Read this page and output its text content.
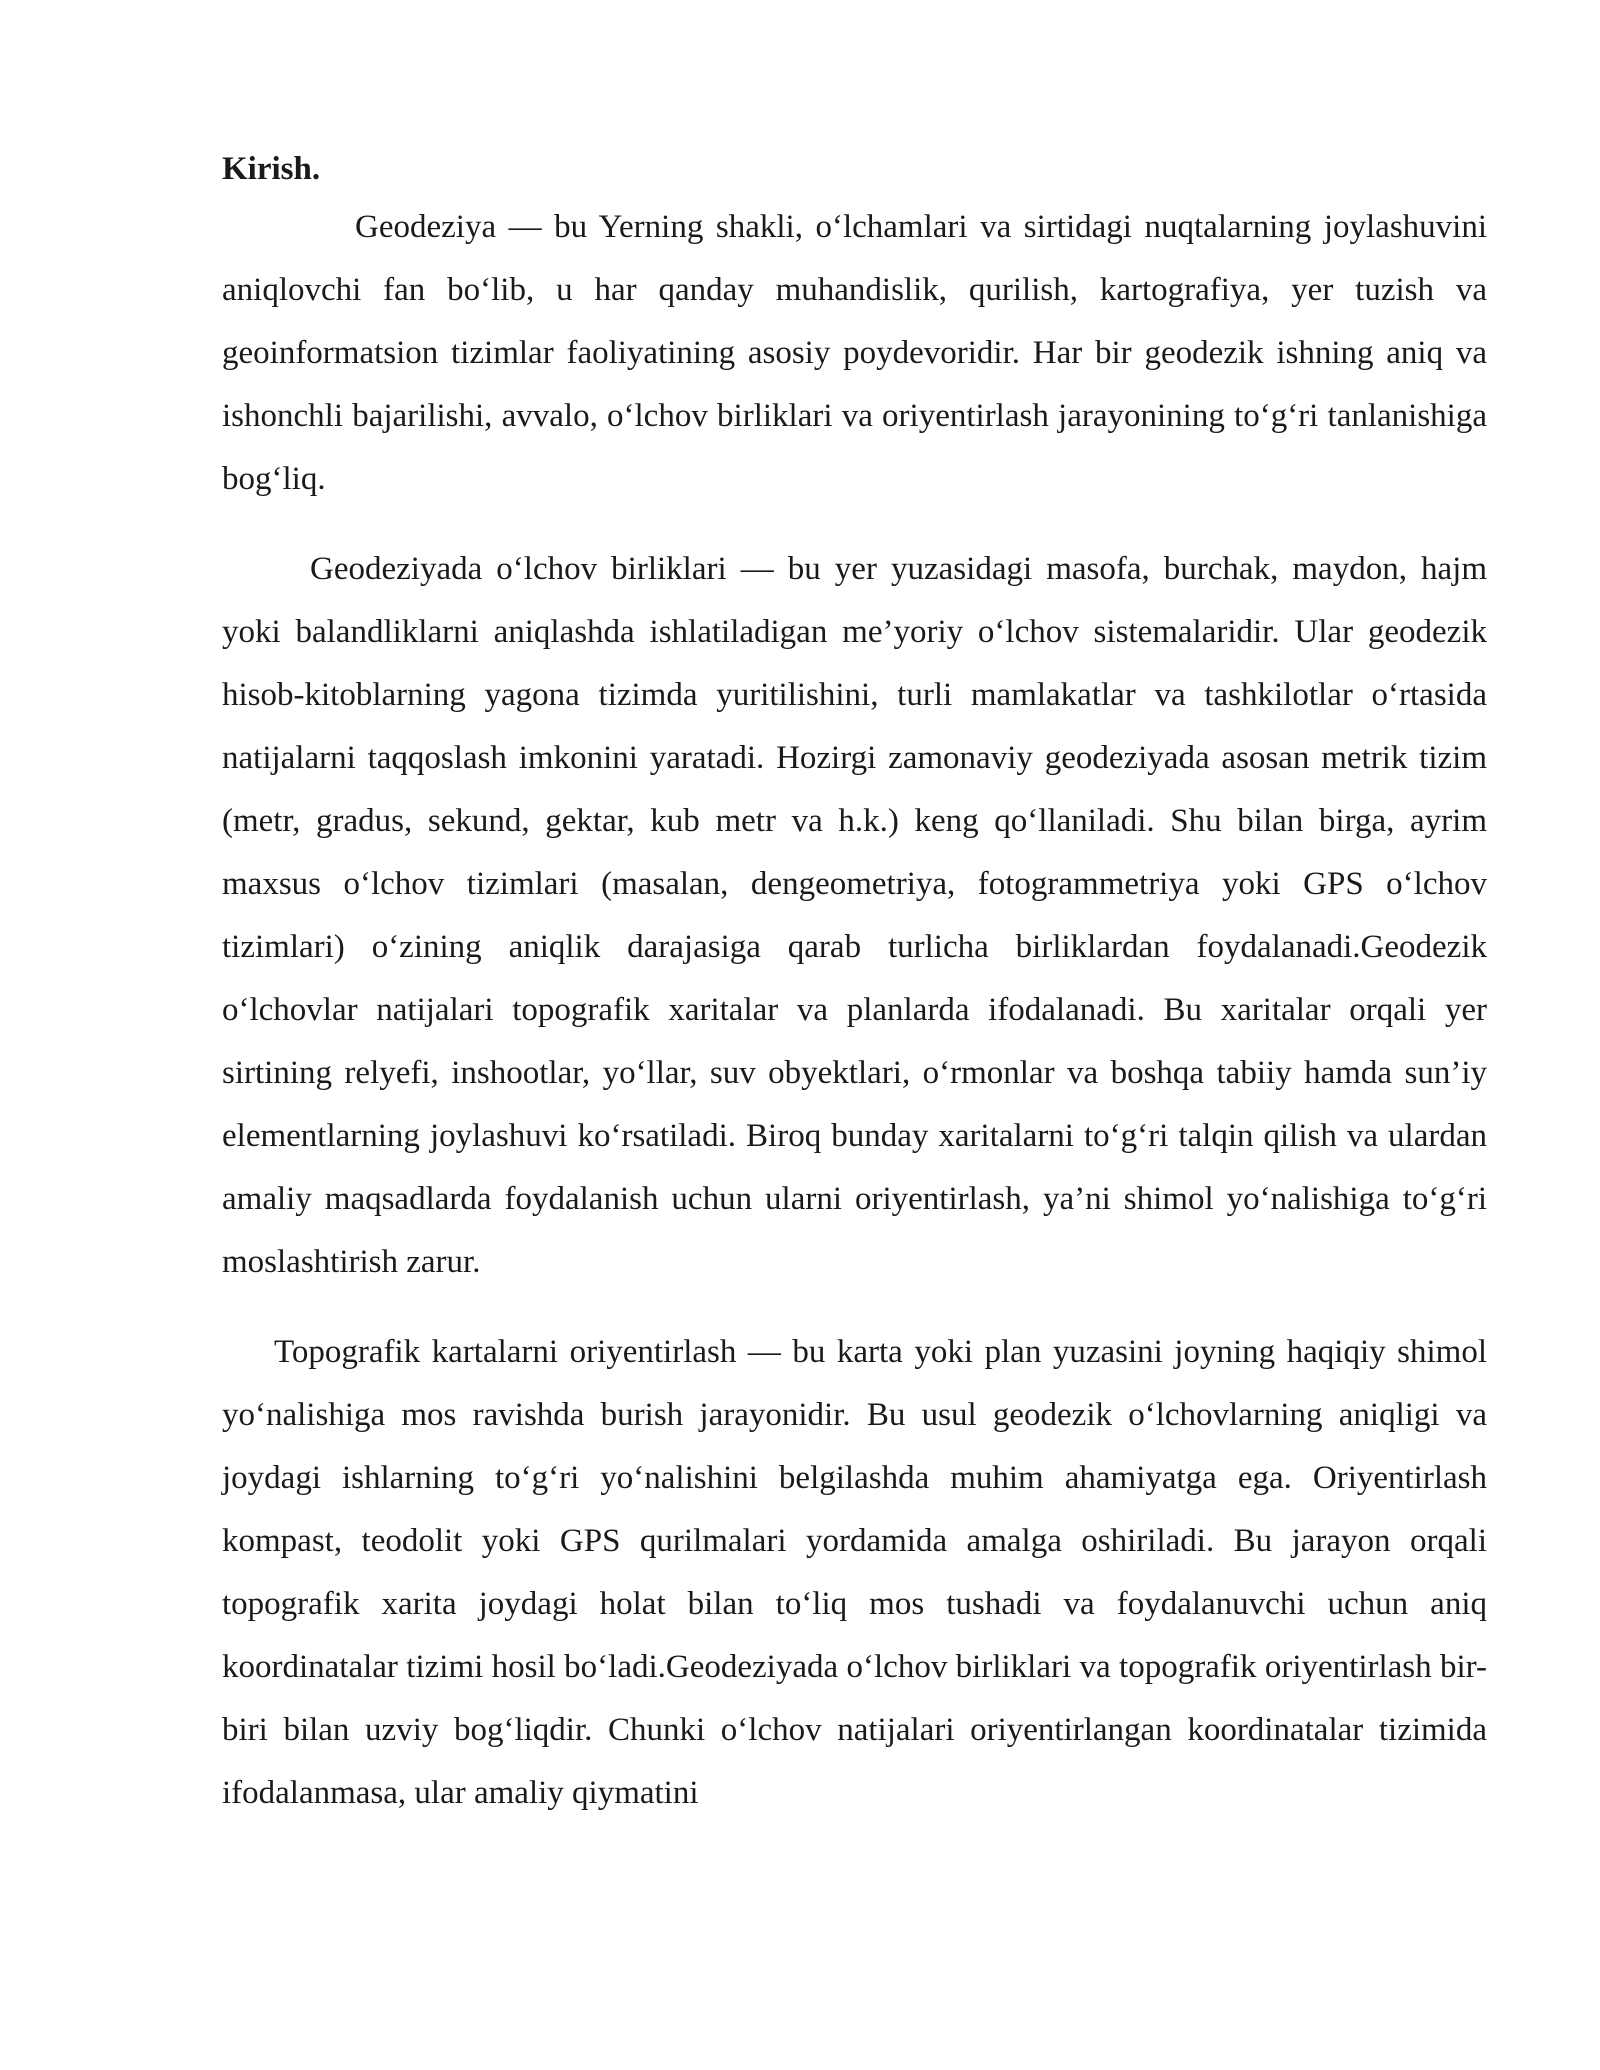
Kirish.

Geodeziya — bu Yerning shakli, o‘lchamlari va sirtidagi nuqtalarning joylashuvini aniqlovchi fan bo‘lib, u har qanday muhandislik, qurilish, kartografiya, yer tuzish va geoinformatsion tizimlar faoliyatining asosiy poydevoridir. Har bir geodezik ishning aniq va ishonchli bajarilishi, avvalo, o‘lchov birliklari va oriyentirlash jarayonining to‘g‘ri tanlanishiga bog‘liq.

Geodeziyada o‘lchov birliklari — bu yer yuzasidagi masofa, burchak, maydon, hajm yoki balandliklarni aniqlashda ishlatiladigan me’yoriy o‘lchov sistemalaridir. Ular geodezik hisob-kitoblarning yagona tizimda yuritilishini, turli mamlakatlar va tashkilotlar o‘rtasida natijalarni taqqoslash imkonini yaratadi. Hozirgi zamonaviy geodeziyada asosan metrik tizim (metr, gradus, sekund, gektar, kub metr va h.k.) keng qo‘llaniladi. Shu bilan birga, ayrim maxsus o‘lchov tizimlari (masalan, dengeometriya, fotogrammetriya yoki GPS o‘lchov tizimlari) o‘zining aniqlik darajasiga qarab turlicha birliklardan foydalanadi.Geodezik o‘lchovlar natijalari topografik xaritalar va planlarda ifodalanadi. Bu xaritalar orqali yer sirtining relyefi, inshootlar, yo‘llar, suv obyektlari, o‘rmonlar va boshqa tabiiy hamda sun’iy elementlarning joylashuvi ko‘rsatiladi. Biroq bunday xaritalarni to‘g‘ri talqin qilish va ulardan amaliy maqsadlarda foydalanish uchun ularni oriyentirlash, ya’ni shimol yo‘nalishiga to‘g‘ri moslashtirish zarur.

Topografik kartalarni oriyentirlash — bu karta yoki plan yuzasini joyning haqiqiy shimol yo‘nalishiga mos ravishda burish jarayonidir. Bu usul geodezik o‘lchovlarning aniqligi va joydagi ishlarning to‘g‘ri yo‘nalishini belgilashda muhim ahamiyatga ega. Oriyentirlash kompast, teodolit yoki GPS qurilmalari yordamida amalga oshiriladi. Bu jarayon orqali topografik xarita joydagi holat bilan to‘liq mos tushadi va foydalanuvchi uchun aniq koordinatalar tizimi hosil bo‘ladi.Geodeziyada o‘lchov birliklari va topografik oriyentirlash bir-biri bilan uzviy bog‘liqdir. Chunki o‘lchov natijalari oriyentirlangan koordinatalar tizimida ifodalanmasa, ular amaliy qiymatini
